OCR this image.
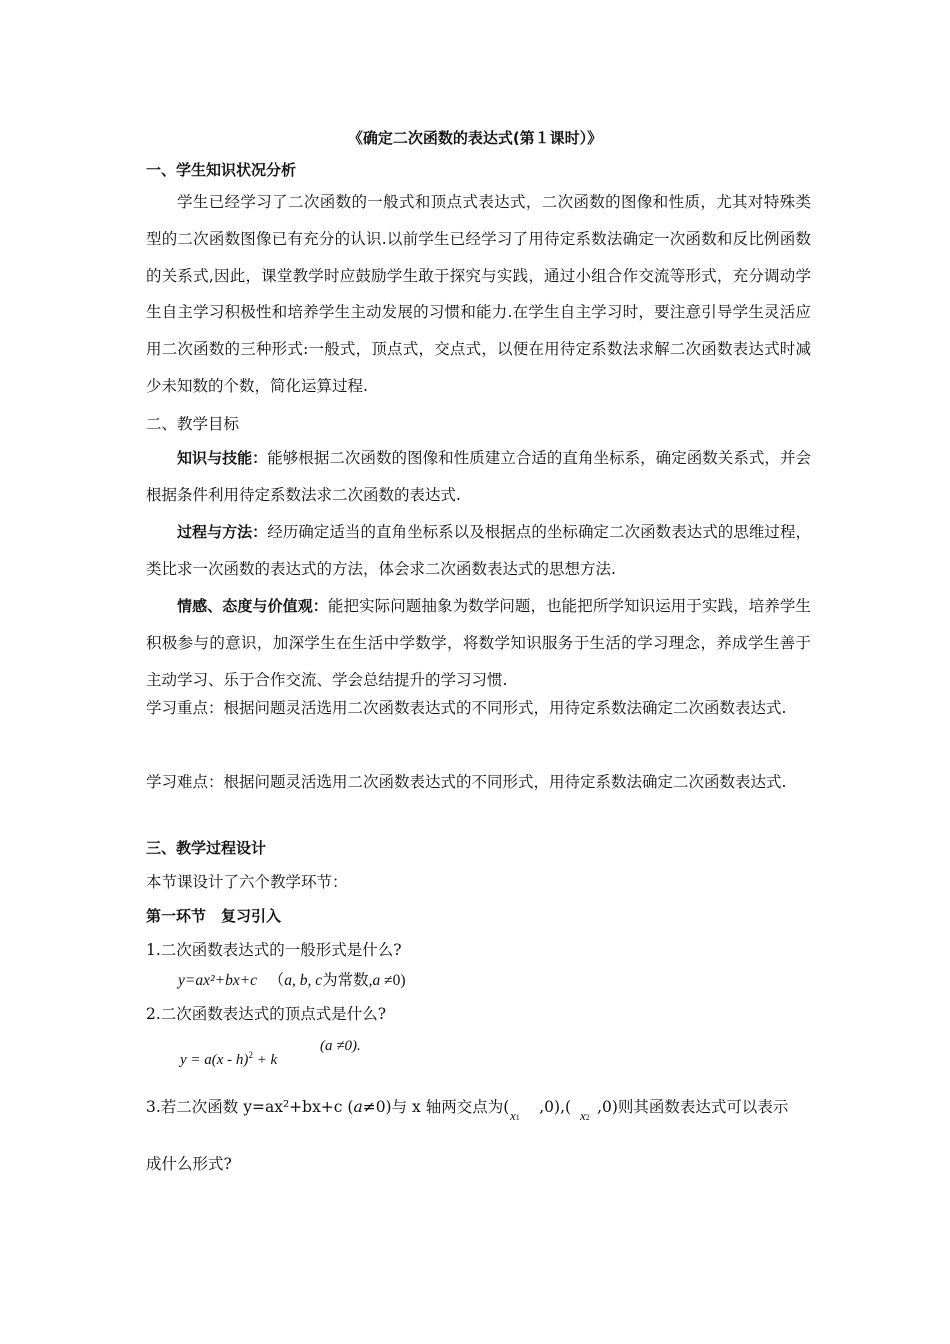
《确定二次函数的表达式(第１课时）》
一、学生知识状况分析
学生已经学习了二次函数的一般式和顶点式表达式，二次函数的图像和性质，尤其对特殊类型的二次函数图像已有充分的认识.以前学生已经学习了用待定系数法确定一次函数和反比例函数的关系式,因此，课堂教学时应鼓励学生敢于探究与实践，通过小组合作交流等形式，充分调动学生自主学习积极性和培养学生主动发展的习惯和能力.在学生自主学习时，要注意引导学生灵活应用二次函数的三种形式:一般式，顶点式，交点式，以便在用待定系数法求解二次函数表达式时减少未知数的个数，简化运算过程.
二、教学目标
知识与技能：能够根据二次函数的图像和性质建立合适的直角坐标系，确定函数关系式，并会根据条件利用待定系数法求二次函数的表达式.
过程与方法：经历确定适当的直角坐标系以及根据点的坐标确定二次函数表达式的思维过程，类比求一次函数的表达式的方法，体会求二次函数表达式的思想方法.
情感、态度与价值观：能把实际问题抽象为数学问题，也能把所学知识运用于实践，培养学生积极参与的意识，加深学生在生活中学数学，将数学知识服务于生活的学习理念，养成学生善于主动学习、乐于合作交流、学会总结提升的学习习惯.
学习重点：根据问题灵活选用二次函数表达式的不同形式，用待定系数法确定二次函数表达式.
学习难点：根据问题灵活选用二次函数表达式的不同形式，用待定系数法确定二次函数表达式.
三、教学过程设计
本节课设计了六个教学环节：
第一环节　复习引入
1.二次函数表达式的一般形式是什么?
y=ax²+bx+c （a, b, c为常数,a ≠0)
2.二次函数表达式的顶点式是什么?
y = a(x - h)$^2$ + k
(a ≠0).
3.若二次函数 y=ax²+bx+c (a≠0)与 x 轴两交点为( ,0),( ,0)则其函数表达式可以表示
x1	x2
成什么形式?
